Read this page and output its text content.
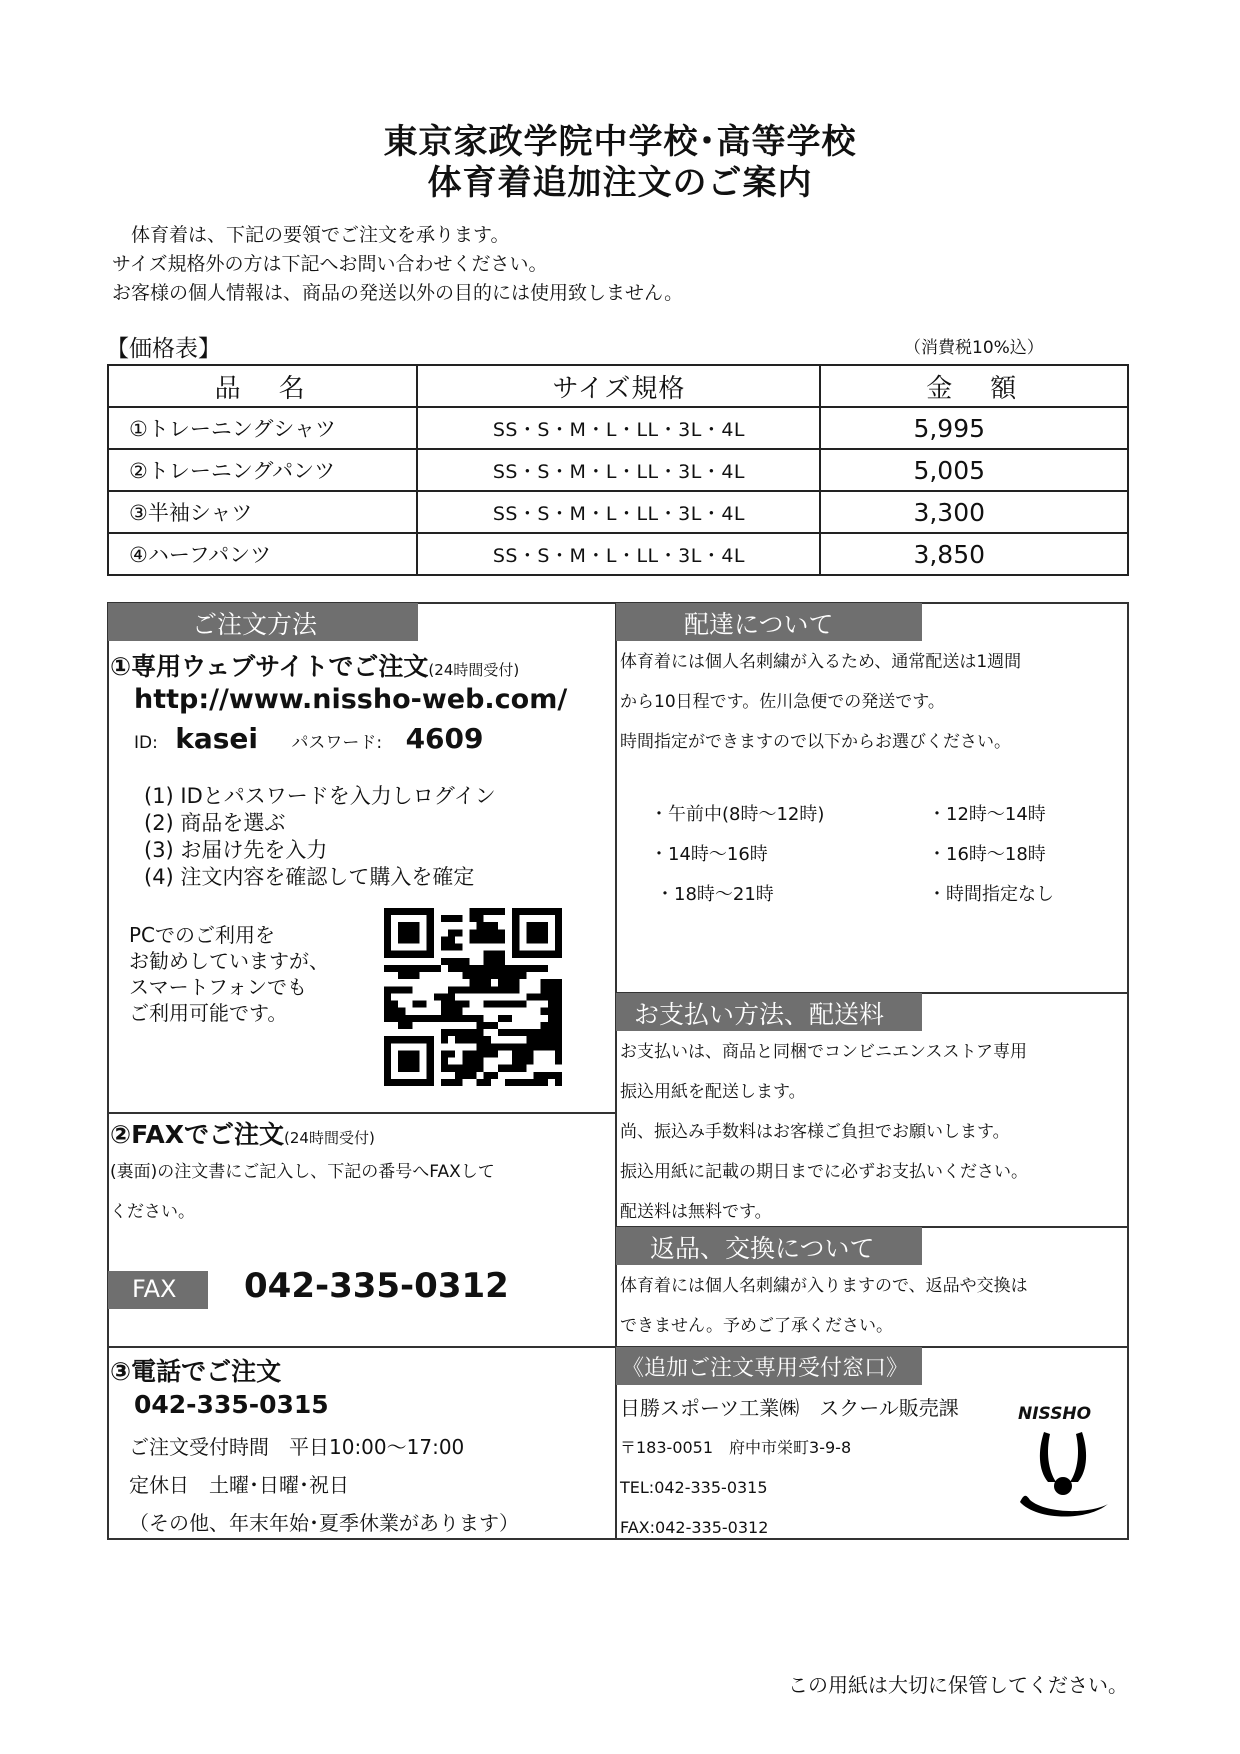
東京家政学院中学校･高等学校
体育着追加注文のご案内
　体育着は、下記の要領でご注文を承ります。
サイズ規格外の方は下記へお問い合わせください。
お客様の個人情報は、商品の発送以外の目的には使用致しません。
【価格表】	（消費税10%込）
品　名	サイズ規格	金　額
①トレーニングシャツ	SS・S・M・L・LL・3L・4L	5,995
②トレーニングパンツ	SS・S・M・L・LL・3L・4L	5,005
③半袖シャツ	SS・S・M・L・LL・3L・4L	3,300
④ハーフパンツ	SS・S・M・L・LL・3L・4L	3,850
ご注文方法
①専用ウェブサイトでご注文(24時間受付)
http://www.nissho-web.com/
ID: kasei パスワード: 4609
(1) IDとパスワードを入力しログイン
(2) 商品を選ぶ
(3) お届け先を入力
(4) 注文内容を確認して購入を確定
PCでのご利用を
お勧めしていますが、
スマートフォンでも
ご利用可能です。
②FAXでご注文(24時間受付)
(裏面)の注文書にご記入し、下記の番号へFAXして
ください。
FAX	042-335-0312
③電話でご注文
042-335-0315
ご注文受付時間　平日10:00～17:00
定休日　土曜･日曜･祝日
（その他、年末年始･夏季休業があります）
配達について
体育着には個人名刺繍が入るため、通常配送は1週間
から10日程です。佐川急便での発送です。
時間指定ができますので以下からお選びください。
・午前中(8時～12時)	・12時～14時
・14時～16時	・16時～18時
・18時～21時	・時間指定なし
お支払い方法、配送料
お支払いは、商品と同梱でコンビニエンスストア専用
振込用紙を配送します。
尚、振込み手数料はお客様ご負担でお願いします。
振込用紙に記載の期日までに必ずお支払いください。
配送料は無料です。
返品、交換について
体育着には個人名刺繍が入りますので、返品や交換は
できません。予めご了承ください。
《追加ご注文専用受付窓口》
日勝スポーツ工業㈱　スクール販売課
〒183-0051　府中市栄町3-9-8
TEL:042-335-0315
FAX:042-335-0312
NISSHO
この用紙は大切に保管してください。
